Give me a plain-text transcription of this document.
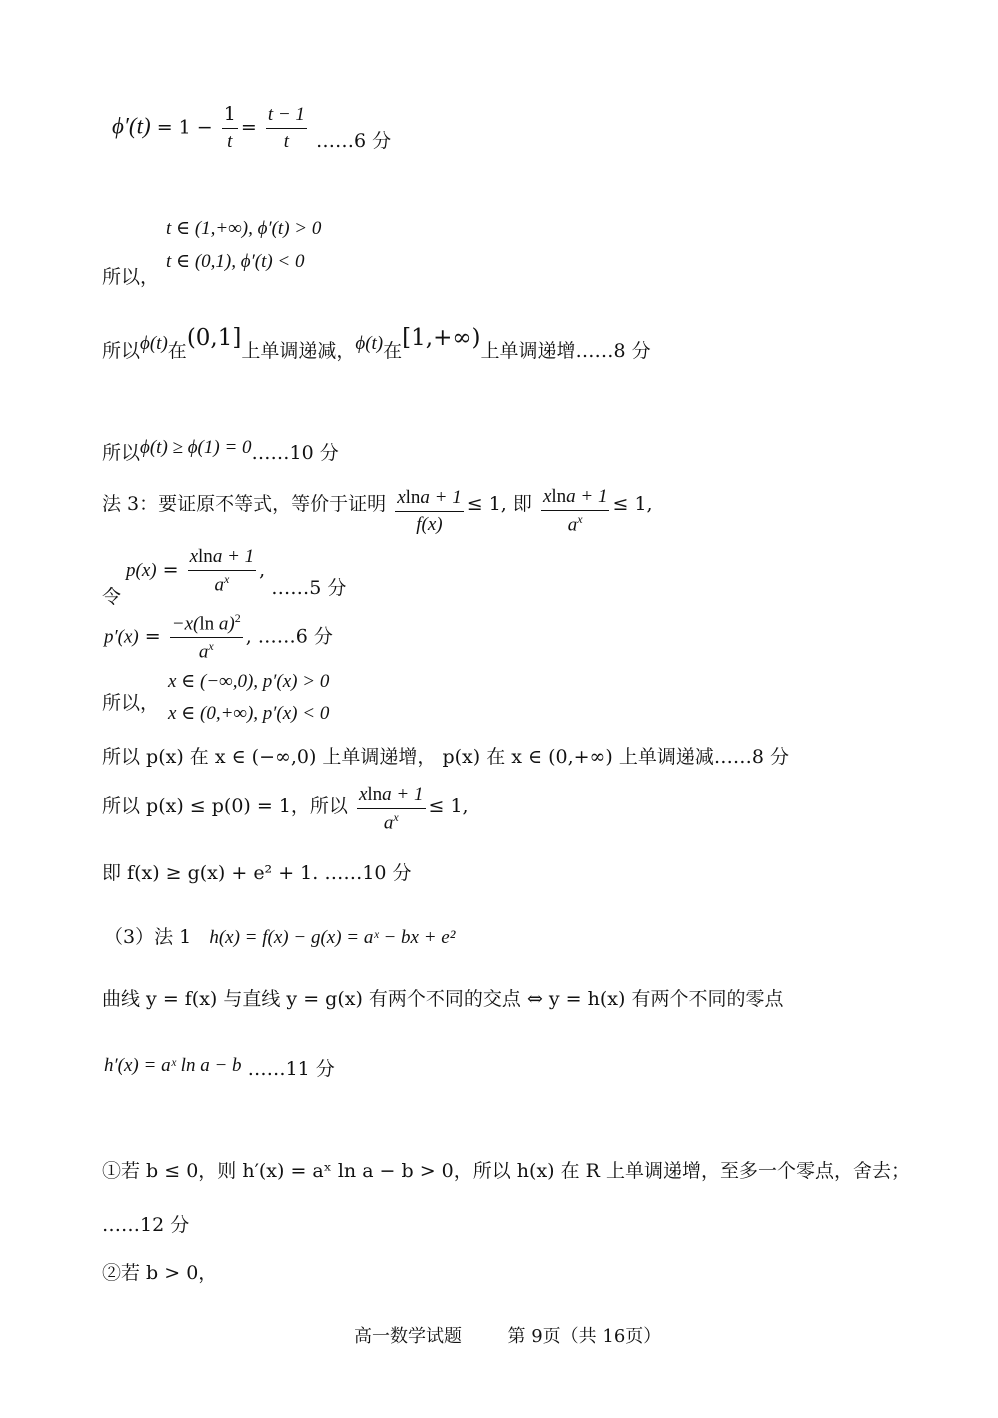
$\phi'(t) = 1 - \frac{1}{t} = \frac{t - 1}{t}$ ……6 分
t ∈ (1,+∞), ϕ′(t) > 0
所以，
t ∈ (0,1), ϕ′(t) < 0
所以ϕ(t)在(0,1]上单调递减，ϕ(t)在[1,+∞)上单调递增……8 分
所以ϕ(t) ≥ ϕ(1) = 0……10 分
法 3：要证原不等式，等价于证明 $\frac{xlna + 1}{f(x)} \le 1$, 即 $\frac{xlna + 1}{a^x} \le 1$,
令
$p(x) = \frac{xlna + 1}{a^x}$ , ……5 分
$p'(x) = \frac{-x(\ln a)^2}{a^x}$ , ……6 分
x ∈ (−∞,0), p′(x) > 0
所以， x ∈ (0,+∞), p′(x) < 0
所以 p(x) 在 x ∈ (−∞,0) 上单调递增， p(x) 在 x ∈ (0,+∞) 上单调递减……8 分
所以 p(x) ≤ p(0) = 1，所以 $\frac{xlna + 1}{a^x} \le 1$,
即 f(x) ≥ g(x) + e² + 1. ……10 分
（3）法 1 h(x) = f(x) − g(x) = aˣ − bx + e²
曲线 y = f(x) 与直线 y = g(x) 有两个不同的交点 ⇔ y = h(x) 有两个不同的零点
h′(x) = aˣ ln a − b ……11 分
①若 b ≤ 0，则 h′(x) = aˣ ln a − b > 0，所以 h(x) 在 R 上单调递增，至多一个零点，舍去；
……12 分
②若 b > 0，
高一数学试题	第 9页（共 16页）
